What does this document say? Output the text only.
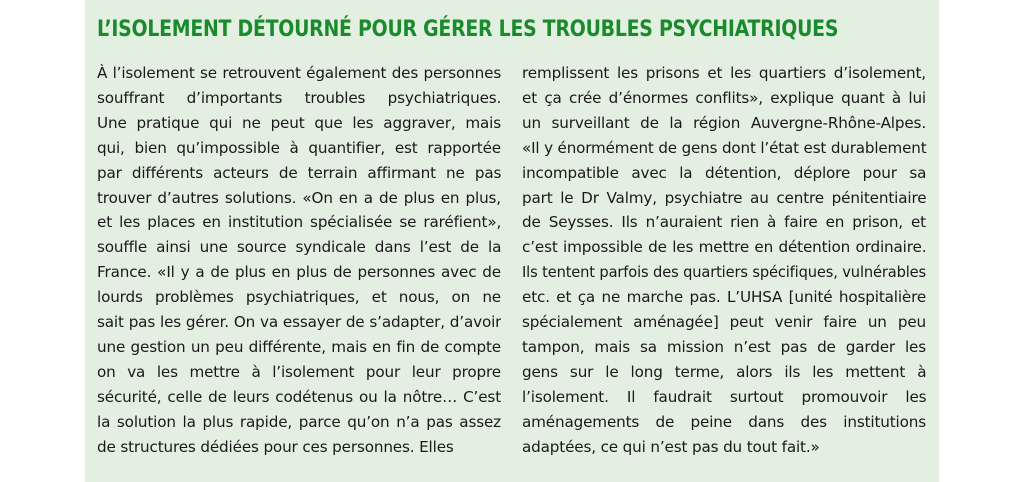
L’ISOLEMENT DÉTOURNÉ POUR GÉRER LES TROUBLES PSYCHIATRIQUES
À l’isolement se retrouvent également des personnes
souffrant d’importants troubles psychiatriques.
Une pratique qui ne peut que les aggraver, mais
qui, bien qu’impossible à quantifier, est rapportée
par différents acteurs de terrain affirmant ne pas
trouver d’autres solutions. «On en a de plus en plus,
et les places en institution spécialisée se raréfient»,
souffle ainsi une source syndicale dans l’est de la
France. «Il y a de plus en plus de personnes avec de
lourds problèmes psychiatriques, et nous, on ne
sait pas les gérer. On va essayer de s’adapter, d’avoir
une gestion un peu différente, mais en fin de compte
on va les mettre à l’isolement pour leur propre
sécurité, celle de leurs codétenus ou la nôtre… C’est
la solution la plus rapide, parce qu’on n’a pas assez
de structures dédiées pour ces personnes. Elles
remplissent les prisons et les quartiers d’isolement,
et ça crée d’énormes conflits», explique quant à lui
un surveillant de la région Auvergne-Rhône-Alpes.
«Il y énormément de gens dont l’état est durablement
incompatible avec la détention, déplore pour sa
part le Dr Valmy, psychiatre au centre pénitentiaire
de Seysses. Ils n’auraient rien à faire en prison, et
c’est impossible de les mettre en détention ordinaire.
Ils tentent parfois des quartiers spécifiques, vulnérables
etc. et ça ne marche pas. L’UHSA [unité hospitalière
spécialement aménagée] peut venir faire un peu
tampon, mais sa mission n’est pas de garder les
gens sur le long terme, alors ils les mettent à
l’isolement. Il faudrait surtout promouvoir les
aménagements de peine dans des institutions
adaptées, ce qui n’est pas du tout fait.»
